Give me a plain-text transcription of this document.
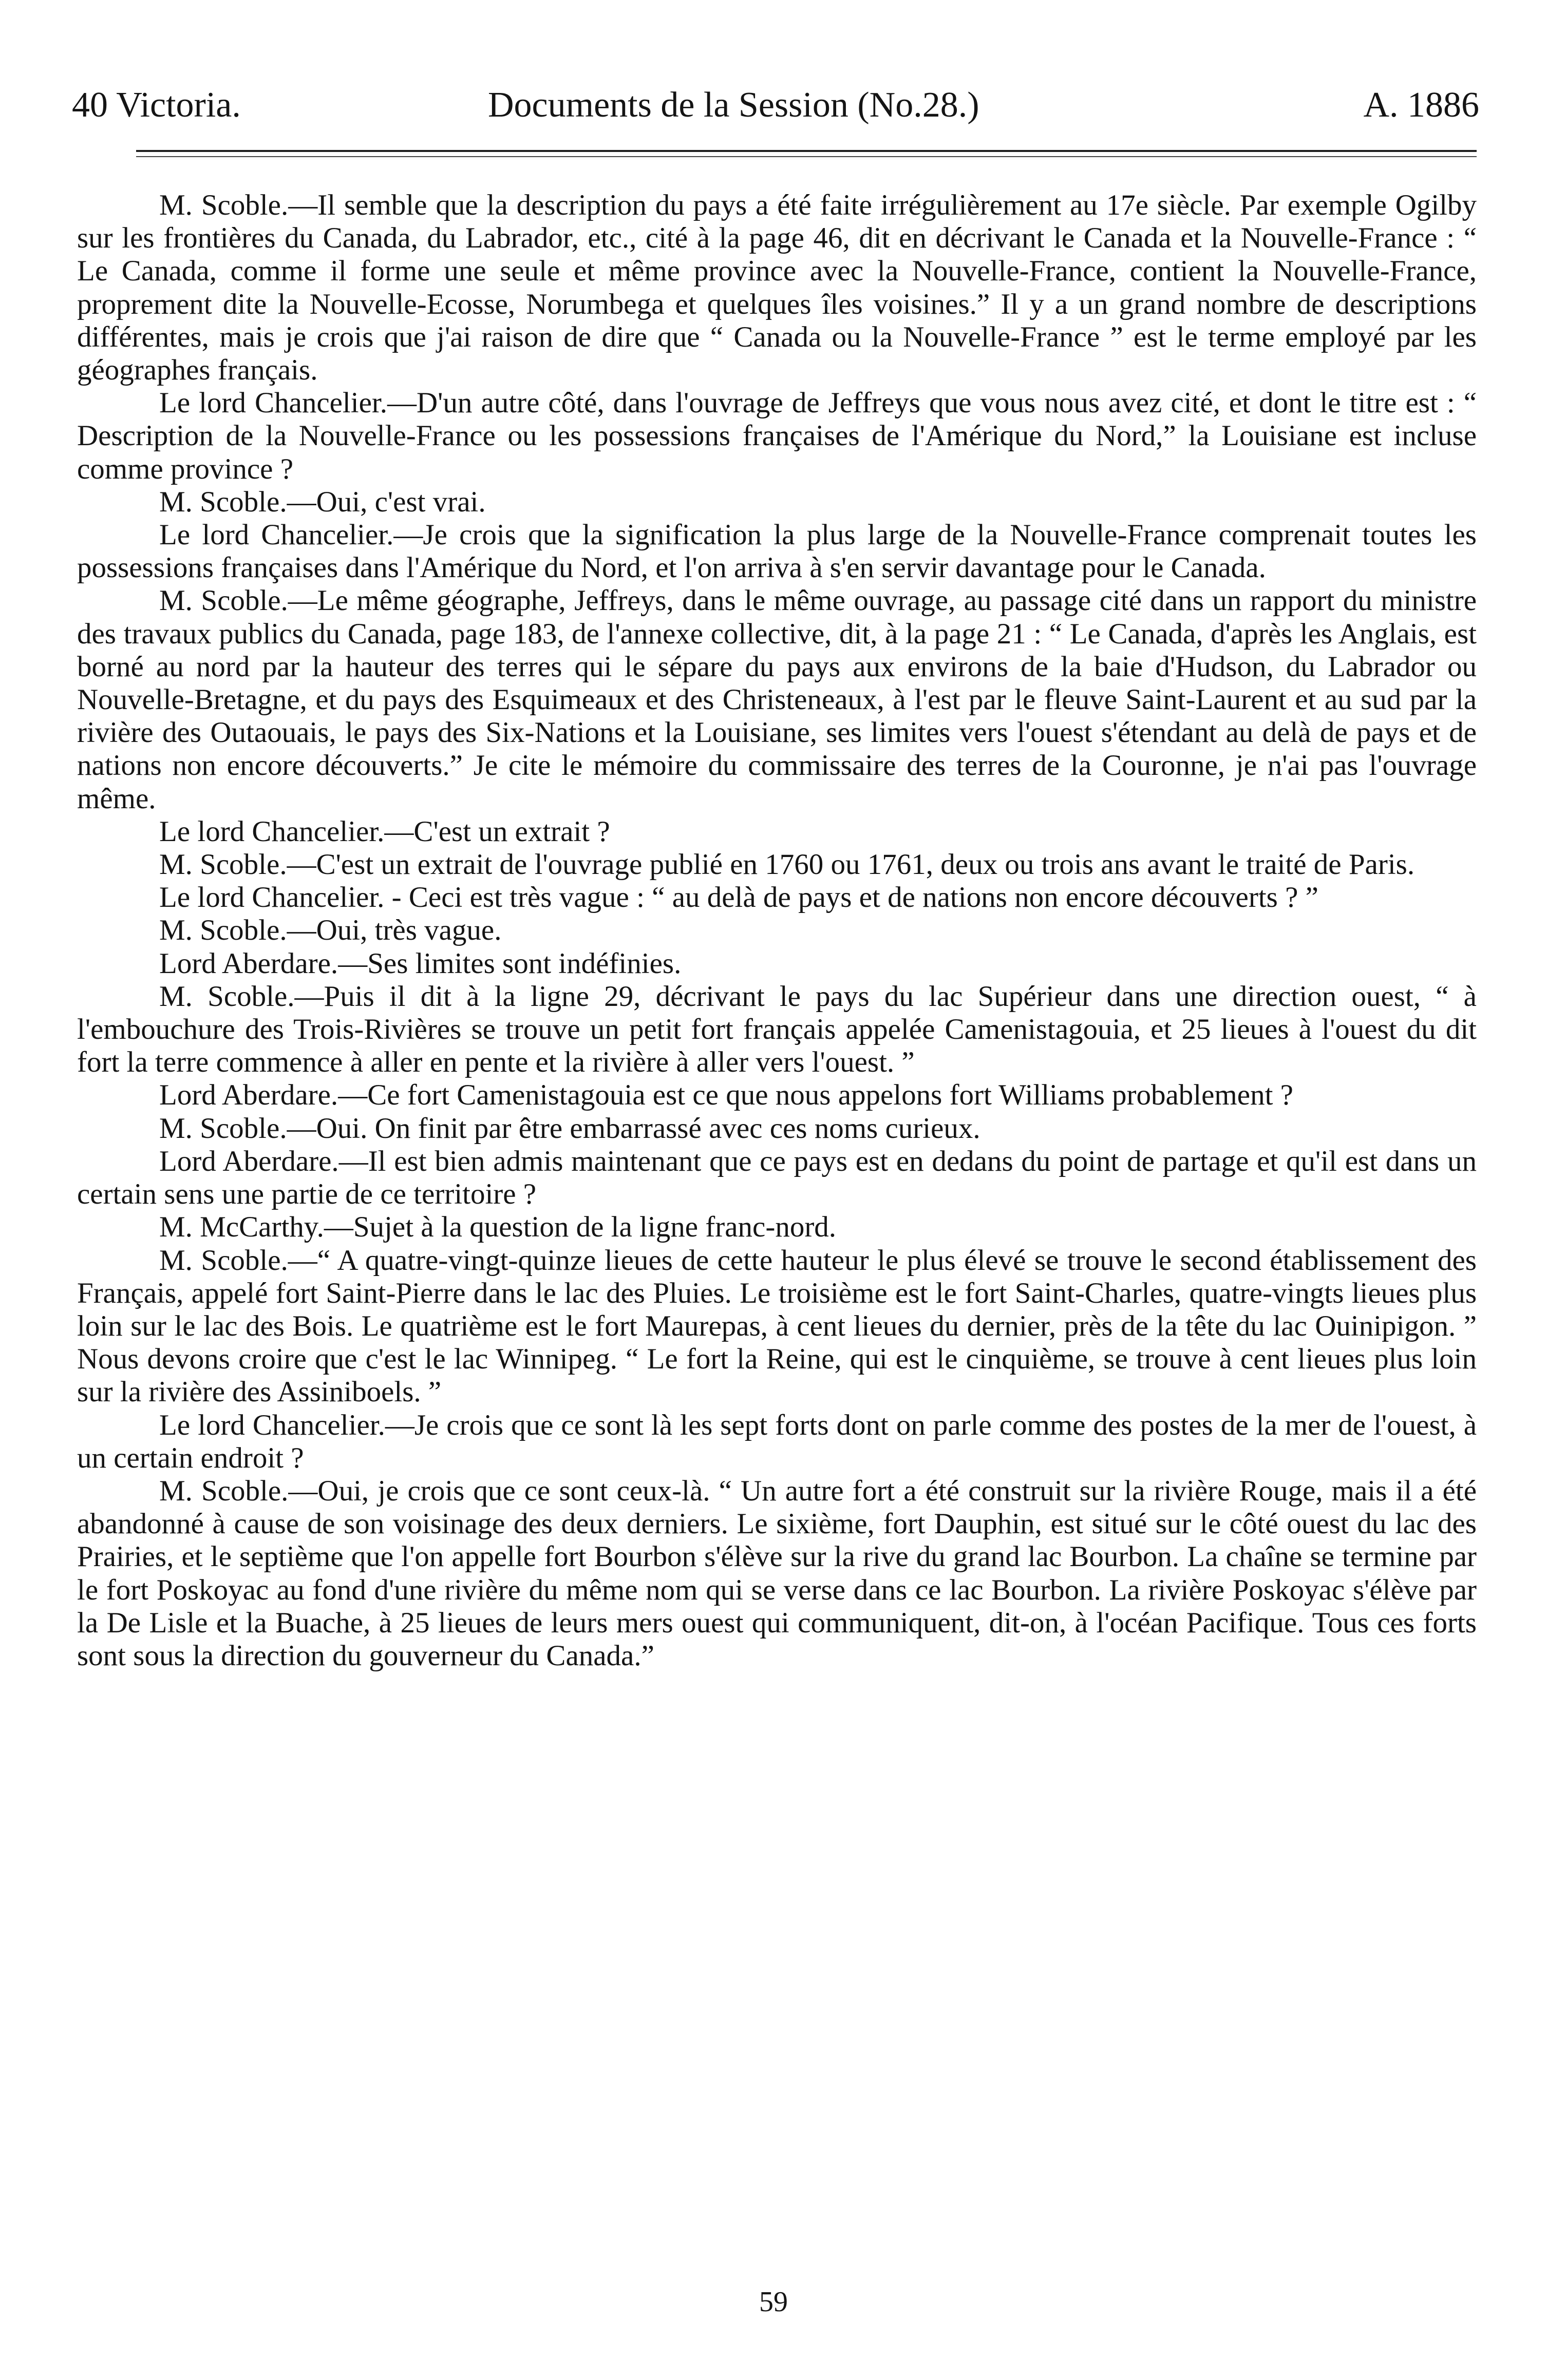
40 Victoria.	Documents de la Session (No.28.)	A. 1886

M. Scoble.—Il semble que la description du pays a été faite irrégulièrement au 17e siècle. Par exemple Ogilby sur les frontières du Canada, du Labrador, etc., cité à la page 46, dit en décrivant le Canada et la Nouvelle-France : “ Le Canada, comme il forme une seule et même province avec la Nouvelle-France, contient la Nouvelle-France, proprement dite la Nouvelle-Ecosse, Norumbega et quelques îles voisines.” Il y a un grand nombre de descriptions différentes, mais je crois que j'ai raison de dire que “ Canada ou la Nouvelle-France ” est le terme employé par les géographes français.

Le lord Chancelier.—D'un autre côté, dans l'ouvrage de Jeffreys que vous nous avez cité, et dont le titre est : “ Description de la Nouvelle-France ou les possessions françaises de l'Amérique du Nord,” la Louisiane est incluse comme province ?

M. Scoble.—Oui, c'est vrai.

Le lord Chancelier.—Je crois que la signification la plus large de la Nouvelle-France comprenait toutes les possessions françaises dans l'Amérique du Nord, et l'on arriva à s'en servir davantage pour le Canada.

M. Scoble.—Le même géographe, Jeffreys, dans le même ouvrage, au passage cité dans un rapport du ministre des travaux publics du Canada, page 183, de l'annexe collective, dit, à la page 21 : “ Le Canada, d'après les Anglais, est borné au nord par la hauteur des terres qui le sépare du pays aux environs de la baie d'Hudson, du Labrador ou Nouvelle-Bretagne, et du pays des Esquimeaux et des Christeneaux, à l'est par le fleuve Saint-Laurent et au sud par la rivière des Outaouais, le pays des Six-Nations et la Louisiane, ses limites vers l'ouest s'étendant au delà de pays et de nations non encore découverts.” Je cite le mémoire du commissaire des terres de la Couronne, je n'ai pas l'ouvrage même.

Le lord Chancelier.—C'est un extrait ?

M. Scoble.—C'est un extrait de l'ouvrage publié en 1760 ou 1761, deux ou trois ans avant le traité de Paris.

Le lord Chancelier. - Ceci est très vague : “ au delà de pays et de nations non encore découverts ? ”

M. Scoble.—Oui, très vague.

Lord Aberdare.—Ses limites sont indéfinies.

M. Scoble.—Puis il dit à la ligne 29, décrivant le pays du lac Supérieur dans une direction ouest, “ à l'embouchure des Trois-Rivières se trouve un petit fort français appelée Camenistagouia, et 25 lieues à l'ouest du dit fort la terre commence à aller en pente et la rivière à aller vers l'ouest. ”

Lord Aberdare.—Ce fort Camenistagouia est ce que nous appelons fort Williams probablement ?

M. Scoble.—Oui. On finit par être embarrassé avec ces noms curieux.

Lord Aberdare.—Il est bien admis maintenant que ce pays est en dedans du point de partage et qu'il est dans un certain sens une partie de ce territoire ?

M. McCarthy.—Sujet à la question de la ligne franc-nord.

M. Scoble.—“ A quatre-vingt-quinze lieues de cette hauteur le plus élevé se trouve le second établissement des Français, appelé fort Saint-Pierre dans le lac des Pluies. Le troisième est le fort Saint-Charles, quatre-vingts lieues plus loin sur le lac des Bois. Le quatrième est le fort Maurepas, à cent lieues du dernier, près de la tête du lac Ouinipigon. ” Nous devons croire que c'est le lac Winnipeg. “ Le fort la Reine, qui est le cinquième, se trouve à cent lieues plus loin sur la rivière des Assiniboels. ”

Le lord Chancelier.—Je crois que ce sont là les sept forts dont on parle comme des postes de la mer de l'ouest, à un certain endroit ?

M. Scoble.—Oui, je crois que ce sont ceux-là. “ Un autre fort a été construit sur la rivière Rouge, mais il a été abandonné à cause de son voisinage des deux derniers. Le sixième, fort Dauphin, est situé sur le côté ouest du lac des Prairies, et le septième que l'on appelle fort Bourbon s'élève sur la rive du grand lac Bourbon. La chaîne se termine par le fort Poskoyac au fond d'une rivière du même nom qui se verse dans ce lac Bourbon. La rivière Poskoyac s'élève par la De Lisle et la Buache, à 25 lieues de leurs mers ouest qui communiquent, dit-on, à l'océan Pacifique. Tous ces forts sont sous la direction du gouverneur du Canada.”

59
